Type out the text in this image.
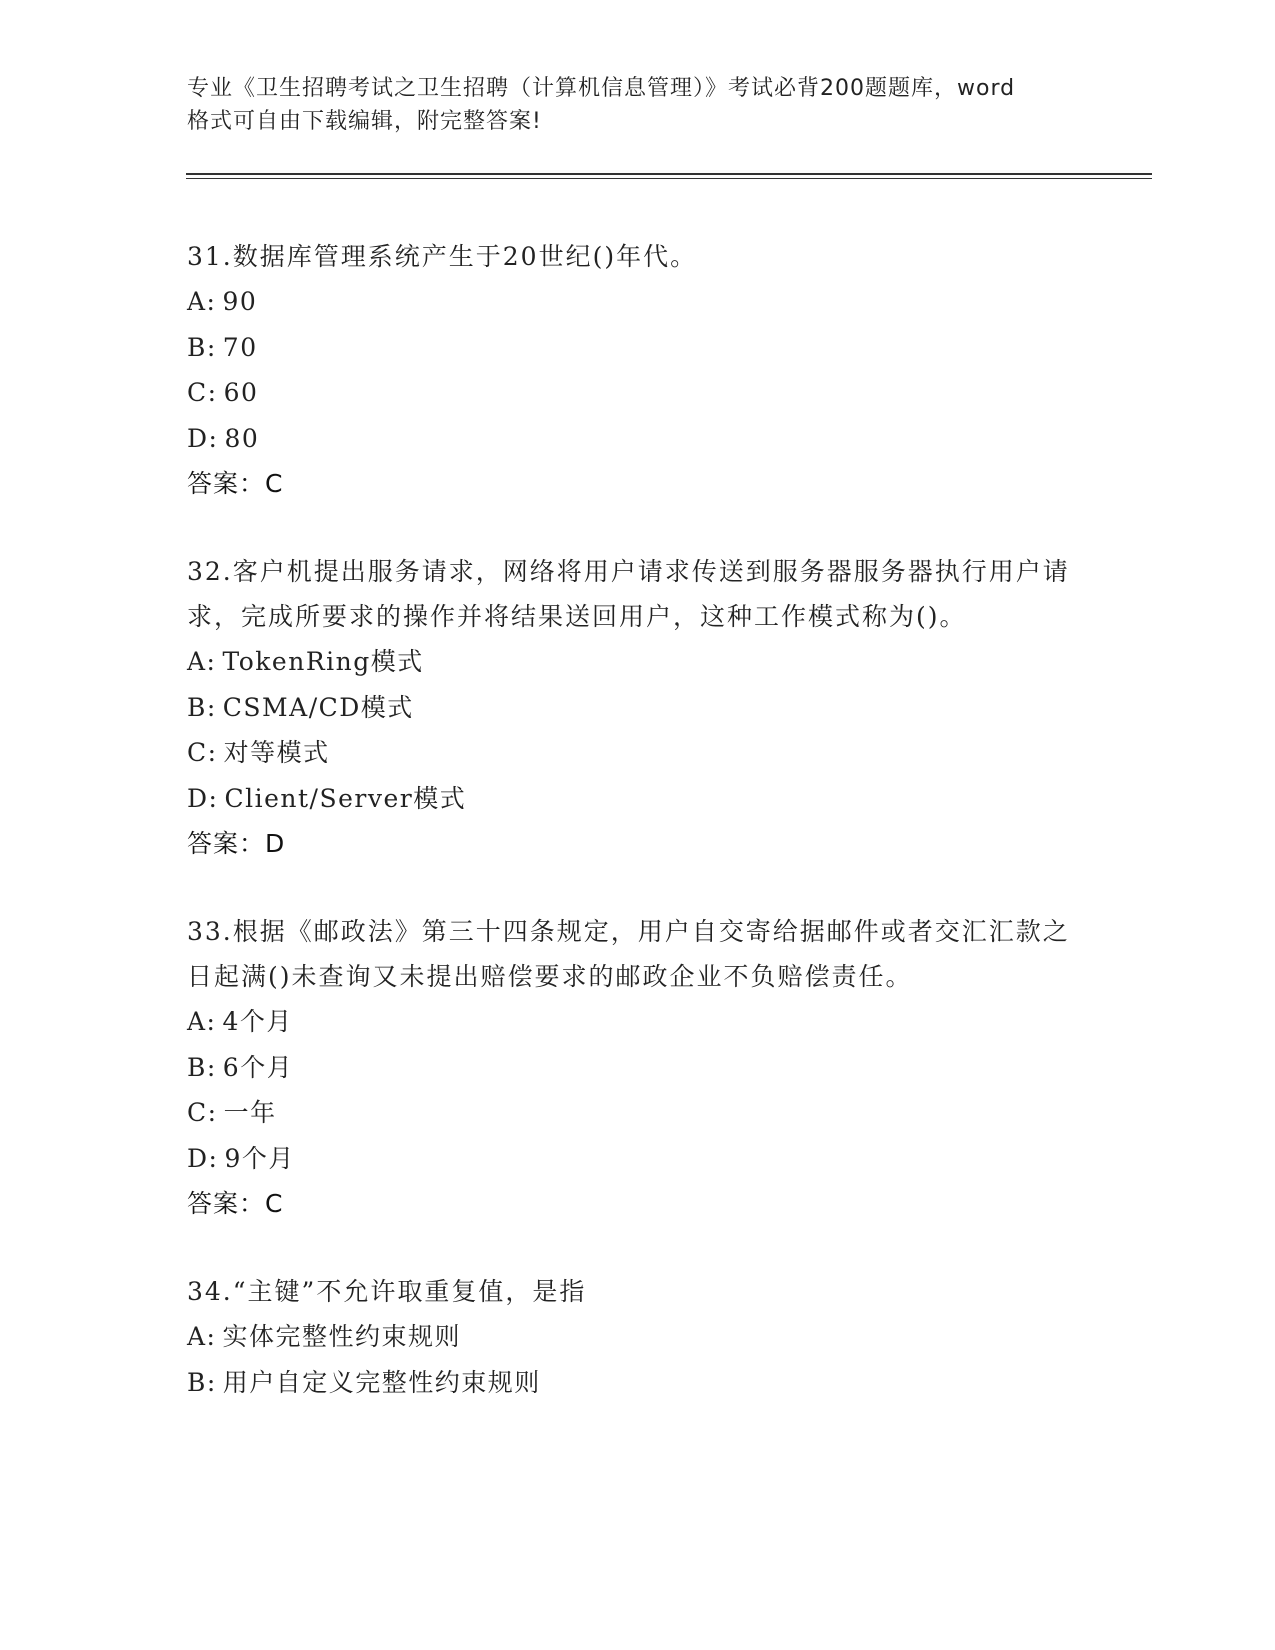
专业《卫生招聘考试之卫生招聘（计算机信息管理）》考试必背200题题库，word
格式可自由下载编辑，附完整答案!

31.数据库管理系统产生于20世纪()年代。

A: 90

B: 70

C: 60

D: 80

答案：C

32.客户机提出服务请求，网络将用户请求传送到服务器服务器执行用户请求，完成所要求的操作并将结果送回用户，这种工作模式称为()。

A: TokenRing模式

B: CSMA/CD模式

C: 对等模式

D: Client/Server模式

答案：D

33.根据《邮政法》第三十四条规定，用户自交寄给据邮件或者交汇汇款之日起满()未查询又未提出赔偿要求的邮政企业不负赔偿责任。

A: 4个月

B: 6个月

C: 一年

D: 9个月

答案：C

34.“主键”不允许取重复值，是指

A: 实体完整性约束规则

B: 用户自定义完整性约束规则
